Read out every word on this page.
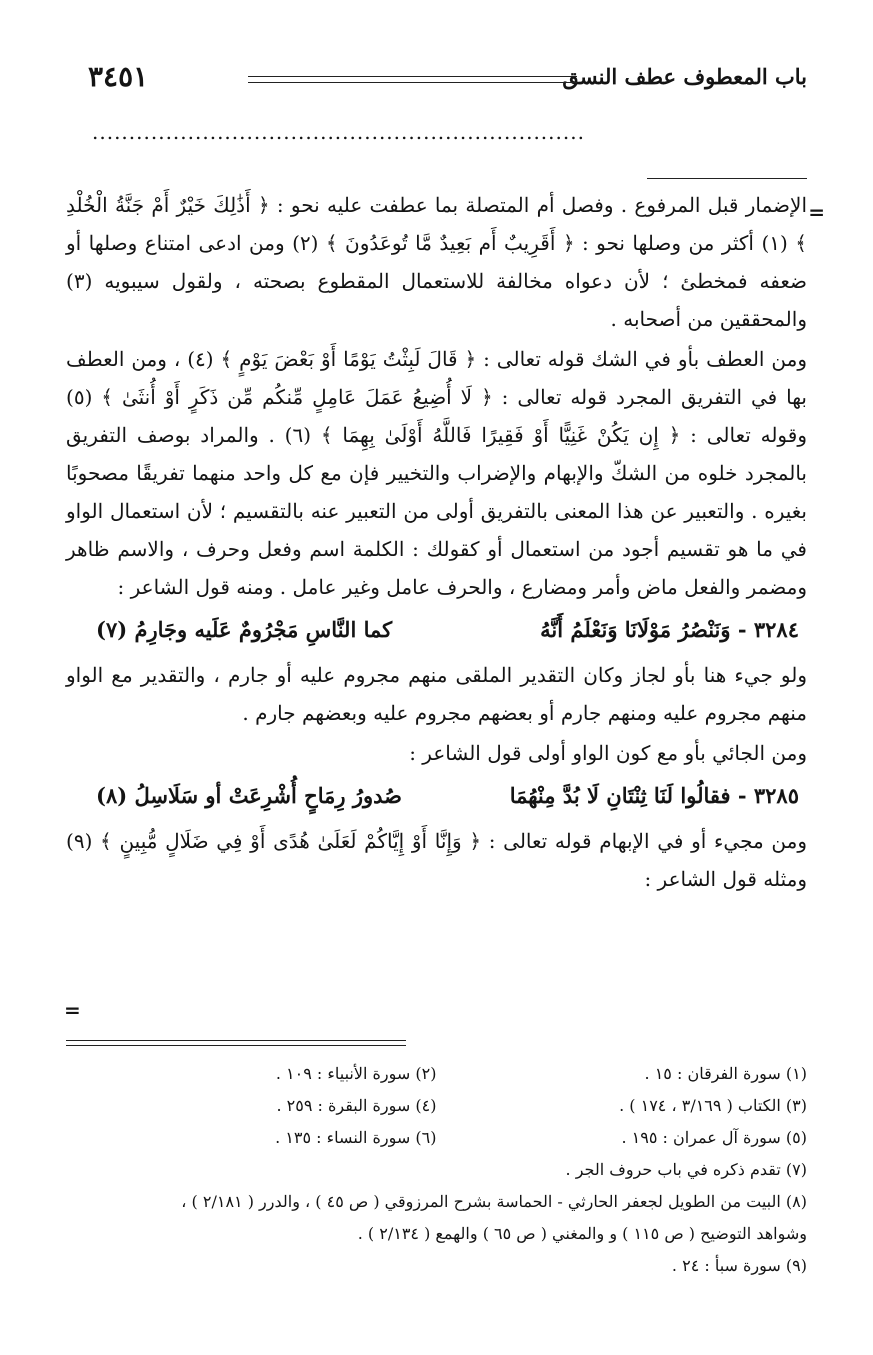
باب المعطوف عطف النسق
٣٤٥١
...................................................................
=
=

الإضمار قبل المرفوع . وفصل أم المتصلة بما عطفت عليه نحو : ﴿ أَذَٰلِكَ خَيْرٌ أَمْ جَنَّةُ الْخُلْدِ ﴾ (١) أكثر من وصلها نحو : ﴿ أَقَرِيبٌ أَم بَعِيدٌ مَّا تُوعَدُونَ ﴾ (٢) ومن ادعى امتناع وصلها أو ضعفه فمخطئ ؛ لأن دعواه مخالفة للاستعمال المقطوع بصحته ، ولقول سيبويه (٣) والمحققين من أصحابه .

ومن العطف بأو في الشك قوله تعالى : ﴿ قَالَ لَبِثْتُ يَوْمًا أَوْ بَعْضَ يَوْمٍ ﴾ (٤) ، ومن العطف بها في التفريق المجرد قوله تعالى : ﴿ لَا أُضِيعُ عَمَلَ عَامِلٍ مِّنكُم مِّن ذَكَرٍ أَوْ أُنثَىٰ ﴾ (٥) وقوله تعالى : ﴿ إِن يَكُنْ غَنِيًّا أَوْ فَقِيرًا فَاللَّهُ أَوْلَىٰ بِهِمَا ﴾ (٦) . والمراد بوصف التفريق بالمجرد خلوه من الشكّ والإبهام والإضراب والتخيير فإن مع كل واحد منهما تفريقًا مصحوبًا بغيره . والتعبير عن هذا المعنى بالتفريق أولى من التعبير عنه بالتقسيم ؛ لأن استعمال الواو في ما هو تقسيم أجود من استعمال أو كقولك : الكلمة اسم وفعل وحرف ، والاسم ظاهر ومضمر والفعل ماض وأمر ومضارع ، والحرف عامل وغير عامل . ومنه قول الشاعر :

٣٢٨٤ - وَنَنْصُرُ مَوْلَانَا وَنَعْلَمُ أَنَّهُ
كما النَّاسِ مَجْرُومٌ عَلَيه وجَارِمُ (٧)

ولو جيء هنا بأو لجاز وكان التقدير الملقى منهم مجروم عليه أو جارم ، والتقدير مع الواو منهم مجروم عليه ومنهم جارم أو بعضهم مجروم عليه وبعضهم جارم .

ومن الجائي بأو مع كون الواو أولى قول الشاعر :

٣٢٨٥ - فقالُوا لَنَا ثِنْتَانِ لَا بُدَّ مِنْهُمَا
صُدورُ رِمَاحٍ أُشْرِعَتْ أو سَلَاسِلُ (٨)

ومن مجيء أو في الإبهام قوله تعالى : ﴿ وَإِنَّا أَوْ إِيَّاكُمْ لَعَلَىٰ هُدًى أَوْ فِي ضَلَالٍ مُّبِينٍ ﴾ (٩) ومثله قول الشاعر :

(١) سورة الفرقان : ١٥ .
(٢) سورة الأنبياء : ١٠٩ .
(٣) الكتاب ( ٣/١٦٩ ، ١٧٤ ) .
(٤) سورة البقرة : ٢٥٩ .
(٥) سورة آل عمران : ١٩٥ .
(٦) سورة النساء : ١٣٥ .
(٧) تقدم ذكره في باب حروف الجر .
(٨) البيت من الطويل لجعفر الحارثي - الحماسة بشرح المرزوقي ( ص ٤٥ ) ، والدرر ( ٢/١٨١ ) ،
وشواهد التوضيح ( ص ١١٥ ) و والمغني ( ص ٦٥ ) والهمع ( ٢/١٣٤ ) .
(٩) سورة سبأ : ٢٤ .
